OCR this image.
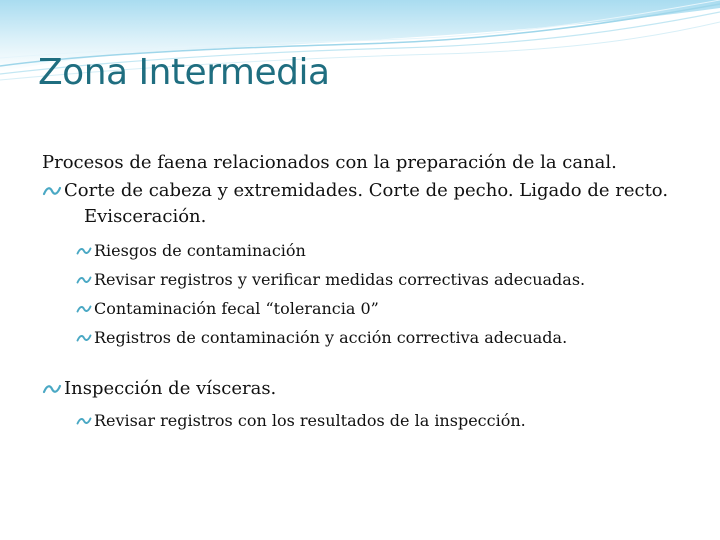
Zona Intermedia

Procesos de faena relacionados con la preparación de la canal.

Corte de cabeza y extremidades. Corte de pecho. Ligado de recto. Evisceración.
Riesgos de contaminación
Revisar registros y verificar medidas correctivas adecuadas.
Contaminación fecal “tolerancia 0”
Registros de contaminación y acción correctiva adecuada.
Inspección de vísceras.
Revisar registros con los resultados de la inspección.
